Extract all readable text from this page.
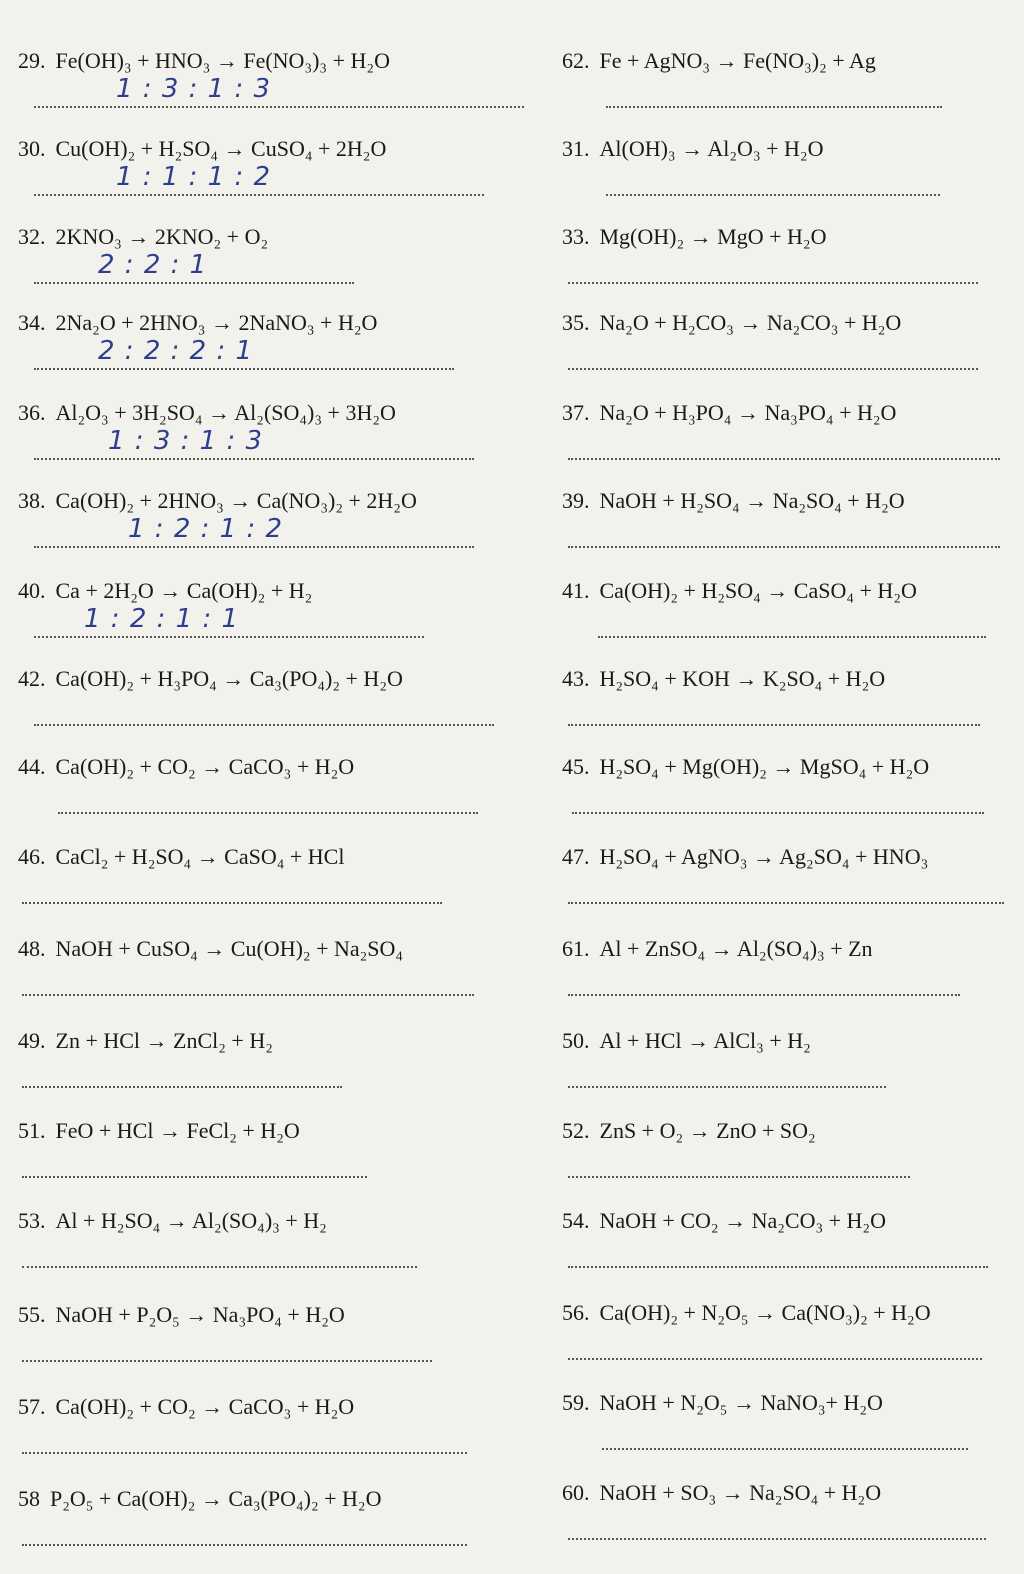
29. Fe(OH)₃ + HNO₃ → Fe(NO₃)₃ + H₂O
1 : 3 : 1 : 3
30. Cu(OH)₂ + H₂SO₄ → CuSO₄ + 2H₂O
1 : 1 : 1 : 2
32. 2KNO₃ → 2KNO₂ + O₂
2 : 2 : 1
34. 2Na₂O + 2HNO₃ → 2NaNO₃ + H₂O
2 : 2 : 2 : 1
36. Al₂O₃ + 3H₂SO₄ → Al₂(SO₄)₃ + 3H₂O
1 : 3 : 1 : 3
38. Ca(OH)₂ + 2HNO₃ → Ca(NO₃)₂ + 2H₂O
1 : 2 : 1 : 2
40. Ca + 2H₂O → Ca(OH)₂ + H₂
1 : 2 : 1 : 1
42. Ca(OH)₂ + H₃PO₄ → Ca₃(PO₄)₂ + H₂O
44. Ca(OH)₂ + CO₂ → CaCO₃ + H₂O
46. CaCl₂ + H₂SO₄ → CaSO₄ + HCl
48. NaOH + CuSO₄ → Cu(OH)₂ + Na₂SO₄
49. Zn + HCl → ZnCl₂ + H₂
51. FeO + HCl → FeCl₂ + H₂O
53. Al + H₂SO₄ → Al₂(SO₄)₃ + H₂
55. NaOH + P₂O₅ → Na₃PO₄ + H₂O
57. Ca(OH)₂ + CO₂ → CaCO₃ + H₂O
58 P₂O₅ + Ca(OH)₂ → Ca₃(PO₄)₂ + H₂O
62. Fe + AgNO₃ → Fe(NO₃)₂ + Ag
31. Al(OH)₃ → Al₂O₃ + H₂O
33. Mg(OH)₂ → MgO + H₂O
35. Na₂O + H₂CO₃ → Na₂CO₃ + H₂O
37. Na₂O + H₃PO₄ → Na₃PO₄ + H₂O
39. NaOH + H₂SO₄ → Na₂SO₄ + H₂O
41. Ca(OH)₂ + H₂SO₄ → CaSO₄ + H₂O
43. H₂SO₄ + KOH → K₂SO₄ + H₂O
45. H₂SO₄ + Mg(OH)₂ → MgSO₄ + H₂O
47. H₂SO₄ + AgNO₃ → Ag₂SO₄ + HNO₃
61. Al + ZnSO₄ → Al₂(SO₄)₃ + Zn
50. Al + HCl → AlCl₃ + H₂
52. ZnS + O₂ → ZnO + SO₂
54. NaOH + CO₂ → Na₂CO₃ + H₂O
56. Ca(OH)₂ + N₂O₅ → Ca(NO₃)₂ + H₂O
59. NaOH + N₂O₅ → NaNO₃+ H₂O
60. NaOH + SO₃ → Na₂SO₄ + H₂O
